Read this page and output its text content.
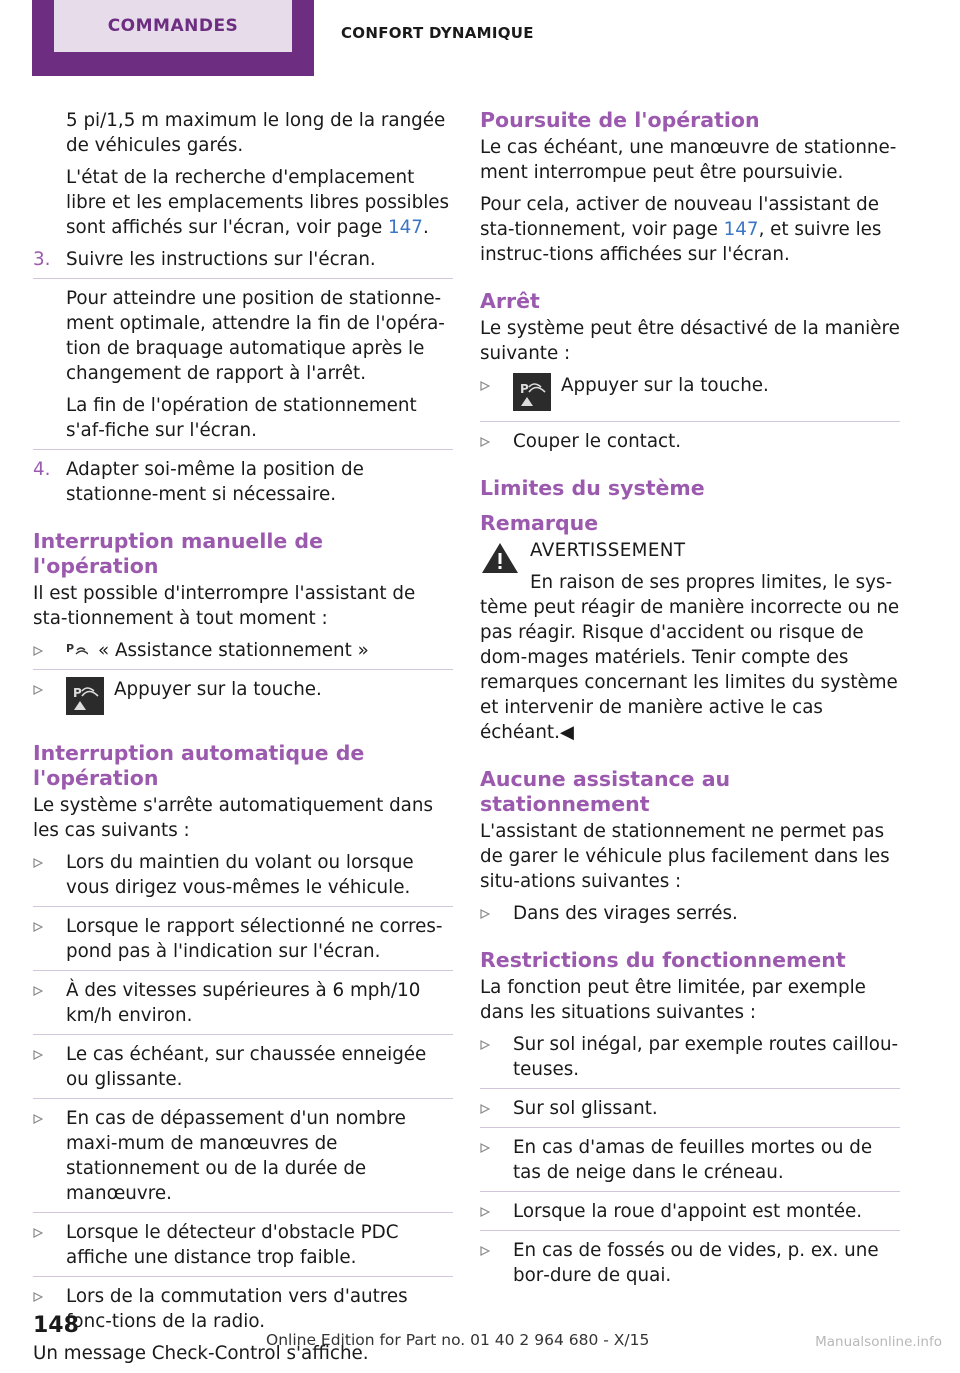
COMMANDES	CONFORT DYNAMIQUE

5 pi/1,5 m maximum le long de la rangée de véhicules garés.

L'état de la recherche d'emplacement libre et les emplacements libres possibles sont affichés sur l'écran, voir page 147.

3. Suivre les instructions sur l'écran.

Pour atteindre une position de stationne‐ment optimale, attendre la fin de l'opéra‐tion de braquage automatique après le changement de rapport à l'arrêt.

La fin de l'opération de stationnement s'af‐fiche sur l'écran.

4. Adapter soi-même la position de stationne‐ment si nécessaire.
Interruption manuelle de l'opération

Il est possible d'interrompre l'assistant de sta‐tionnement à tout moment :

P « Assistance stationnement »
P Appuyer sur la touche.
Interruption automatique de l'opération

Le système s'arrête automatiquement dans les cas suivants :

Lors du maintien du volant ou lorsque vous dirigez vous-mêmes le véhicule.
Lorsque le rapport sélectionné ne corres‐pond pas à l'indication sur l'écran.
À des vitesses supérieures à 6 mph/10 km/h environ.
Le cas échéant, sur chaussée enneigée ou glissante.
En cas de dépassement d'un nombre maxi‐mum de manœuvres de stationnement ou de la durée de manœuvre.
Lorsque le détecteur d'obstacle PDC affiche une distance trop faible.
Lors de la commutation vers d'autres fonc‐tions de la radio.

Un message Check-Control s'affiche.

Poursuite de l'opération

Le cas échéant, une manœuvre de stationne‐ment interrompue peut être poursuivie.

Pour cela, activer de nouveau l'assistant de sta‐tionnement, voir page 147, et suivre les instruc‐tions affichées sur l'écran.

Arrêt

Le système peut être désactivé de la manière suivante :

P Appuyer sur la touche.
Couper le contact.
Limites du système
Remarque
AVERTISSEMENT

En raison de ses propres limites, le sys‐tème peut réagir de manière incorrecte ou ne pas réagir. Risque d'accident ou risque de dom‐mages matériels. Tenir compte des remarques concernant les limites du système et intervenir de manière active le cas échéant.◀

Aucune assistance au stationnement

L'assistant de stationnement ne permet pas de garer le véhicule plus facilement dans les situ‐ations suivantes :

Dans des virages serrés.
Restrictions du fonctionnement

La fonction peut être limitée, par exemple dans les situations suivantes :

Sur sol inégal, par exemple routes caillou‐teuses.
Sur sol glissant.
En cas d'amas de feuilles mortes ou de tas de neige dans le créneau.
Lorsque la roue d'appoint est montée.
En cas de fossés ou de vides, p. ex. une bor‐dure de quai.
148
Online Edition for Part no. 01 40 2 964 680 - X/15	Manualsonline.info
